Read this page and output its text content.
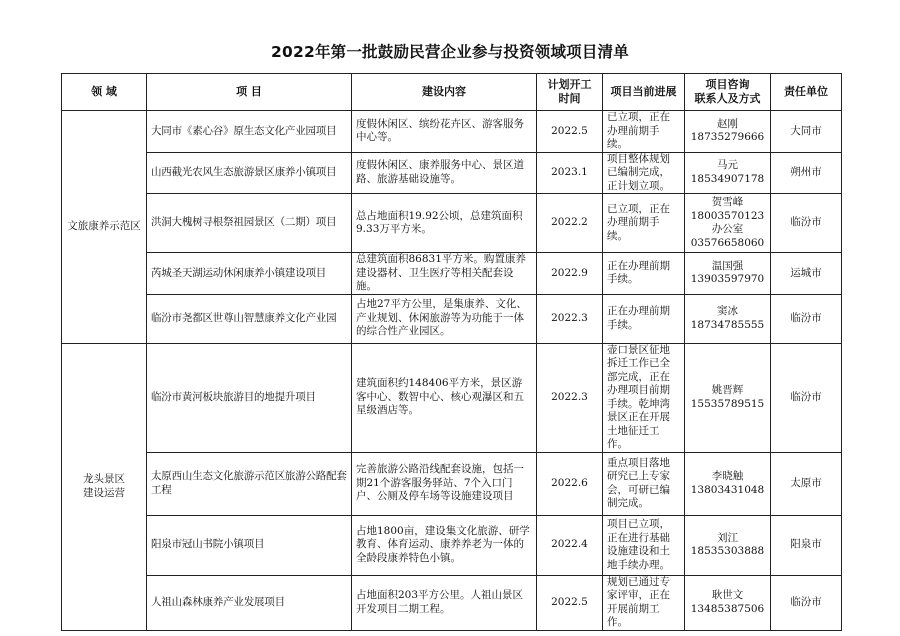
2022年第一批鼓励民营企业参与投资领域项目清单
领 域	项 目	建设内容	计划开工
时间	项目当前进展	项目咨询
联系人及方式	责任单位
文旅康养示范区	大同市《素心谷》原生态文化产业园项目	度假休闲区、缤纷花卉区、游客服务中心等。	2022.5	已立项，正在办理前期手续。	赵刚
18735279666	大同市
	山西截光农风生态旅游景区康养小镇项目	度假休闲区、康养服务中心、景区道路、旅游基础设施等。	2023.1	项目整体规划已编制完成，正计划立项。	马元
18534907178	朔州市
	洪洞大槐树寻根祭祖园景区（二期）项目	总占地面积19.92公顷，总建筑面积9.33万平方米。	2022.2	已立项，正在办理前期手续。	贺雪峰
18003570123
办公室
03576658060	临汾市
	芮城圣天湖运动休闲康养小镇建设项目	总建筑面积86831平方米。购置康养建设器材、卫生医疗等相关配套设施。	2022.9	正在办理前期手续。	温国强
13903597970	运城市
	临汾市尧都区世尊山智慧康养文化产业园	占地27平方公里，是集康养、文化、产业规划、休闲旅游等为功能于一体的综合性产业园区。	2022.3	正在办理前期手续。	窦冰
18734785555	临汾市
龙头景区
建设运营	临汾市黄河板块旅游目的地提升项目	建筑面积约148406平方米，景区游客中心、数智中心、核心观瀑区和五星级酒店等。	2022.3	壶口景区征地拆迁工作已全部完成，正在办理项目前期手续。乾坤湾景区正在开展土地征迁工作。	姚晋辉
15535789515	临汾市
	太原西山生态文化旅游示范区旅游公路配套工程	完善旅游公路沿线配套设施，包括一期21个游客服务驿站、7个入口门户、公厕及停车场等设施建设项目	2022.6	重点项目落地研究已上专家会，可研已编制完成。	李晓触
13803431048	太原市
	阳泉市冠山书院小镇项目	占地1800亩，建设集文化旅游、研学教育、体育运动、康养养老为一体的全龄段康养特色小镇。	2022.4	项目已立项，正在进行基础设施建设和土地手续办理。	刘江
18535303888	阳泉市
	人祖山森林康养产业发展项目	占地面积203平方公里。人祖山景区开发项目二期工程。	2022.5	规划已通过专家评审，正在开展前期工作。	耿世文
13485387506	临汾市
